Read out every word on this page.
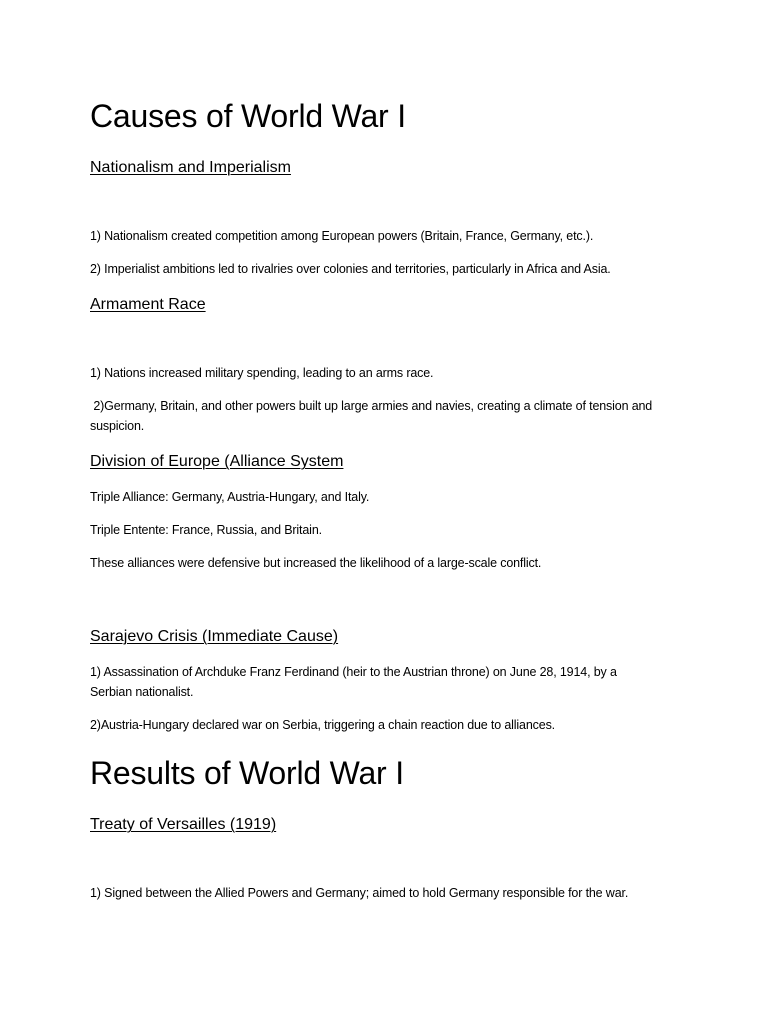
Causes of World War I
Nationalism and Imperialism

1) Nationalism created competition among European powers (Britain, France, Germany, etc.).

2) Imperialist ambitions led to rivalries over colonies and territories, particularly in Africa and Asia.

Armament Race

1) Nations increased military spending, leading to an arms race.

2)Germany, Britain, and other powers built up large armies and navies, creating a climate of tension and suspicion.

Division of Europe (Alliance System

Triple Alliance: Germany, Austria-Hungary, and Italy.

Triple Entente: France, Russia, and Britain.

These alliances were defensive but increased the likelihood of a large-scale conflict.

Sarajevo Crisis (Immediate Cause)

1) Assassination of Archduke Franz Ferdinand (heir to the Austrian throne) on June 28, 1914, by a Serbian nationalist.

2)Austria-Hungary declared war on Serbia, triggering a chain reaction due to alliances.

Results of World War I
Treaty of Versailles (1919)

1) Signed between the Allied Powers and Germany; aimed to hold Germany responsible for the war.
